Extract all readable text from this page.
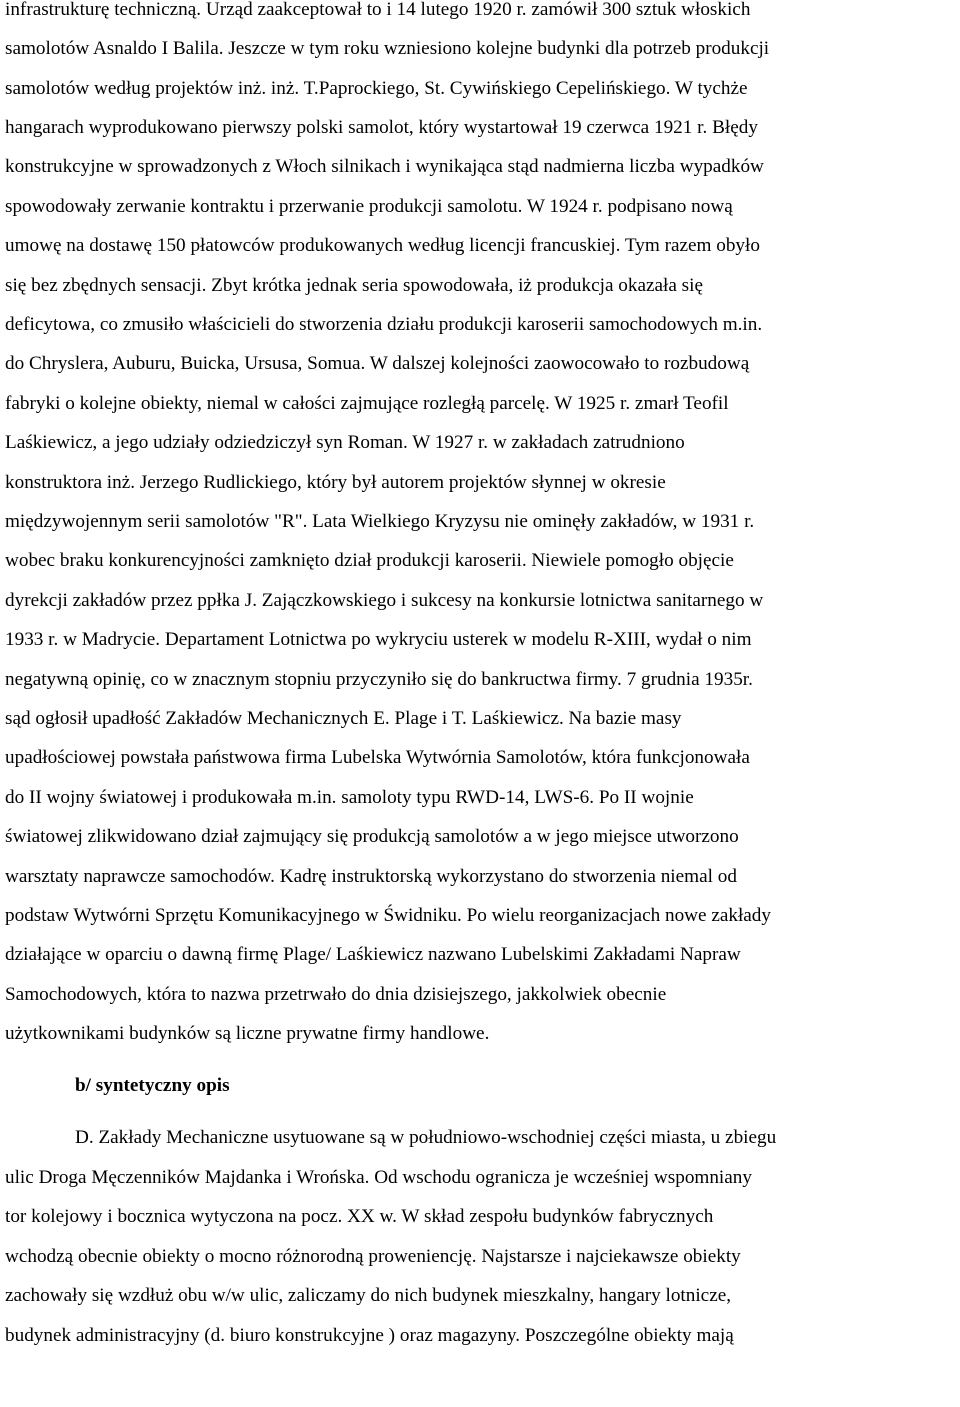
infrastrukturę techniczną. Urząd zaakceptował to i 14 lutego 1920 r. zamówił 300 sztuk włoskich
samolotów Asnaldo I Balila. Jeszcze w tym roku wzniesiono kolejne budynki dla potrzeb produkcji
samolotów według projektów inż. inż. T.Paprockiego, St. Cywińskiego Cepelińskiego. W tychże
hangarach wyprodukowano pierwszy polski samolot, który wystartował 19 czerwca 1921 r. Błędy
konstrukcyjne w sprowadzonych z Włoch silnikach i wynikająca stąd nadmierna liczba wypadków
spowodowały zerwanie kontraktu i przerwanie produkcji samolotu. W 1924 r. podpisano nową
umowę na dostawę 150 płatowców produkowanych według licencji francuskiej. Tym razem obyło
się bez zbędnych sensacji. Zbyt krótka jednak seria spowodowała, iż produkcja okazała się
deficytowa, co zmusiło właścicieli do stworzenia działu produkcji karoserii samochodowych m.in.
do Chryslera, Auburu, Buicka, Ursusa, Somua. W dalszej kolejności zaowocowało to rozbudową
fabryki o kolejne obiekty, niemal w całości zajmujące rozległą parcelę. W 1925 r. zmarł Teofil
Laśkiewicz, a jego udziały odziedziczył syn Roman. W 1927 r. w zakładach zatrudniono
konstruktora inż. Jerzego Rudlickiego, który był autorem projektów słynnej w okresie
międzywojennym serii samolotów "R". Lata Wielkiego Kryzysu nie ominęły zakładów, w 1931 r.
wobec braku konkurencyjności zamknięto dział produkcji karoserii. Niewiele pomogło objęcie
dyrekcji zakładów przez ppłka J. Zajączkowskiego i sukcesy na konkursie lotnictwa sanitarnego w
1933 r. w Madrycie. Departament Lotnictwa po wykryciu usterek w modelu R-XIII, wydał o nim
negatywną opinię, co w znacznym stopniu przyczyniło się do bankructwa firmy. 7 grudnia 1935r.
sąd ogłosił upadłość Zakładów Mechanicznych E. Plage i T. Laśkiewicz. Na bazie masy
upadłościowej powstała państwowa firma Lubelska Wytwórnia Samolotów, która funkcjonowała
do II wojny światowej i produkowała m.in. samoloty typu RWD-14, LWS-6. Po II wojnie
światowej zlikwidowano dział zajmujący się produkcją samolotów a w jego miejsce utworzono
warsztaty naprawcze samochodów. Kadrę instruktorską wykorzystano do stworzenia niemal od
podstaw Wytwórni Sprzętu Komunikacyjnego w Świdniku. Po wielu reorganizacjach nowe zakłady
działające w oparciu o dawną firmę Plage/ Laśkiewicz nazwano Lubelskimi Zakładami Napraw
Samochodowych, która to nazwa przetrwało do dnia dzisiejszego, jakkolwiek obecnie
użytkownikami budynków są liczne prywatne firmy handlowe.
b/ syntetyczny opis
D. Zakłady Mechaniczne usytuowane są w południowo-wschodniej części miasta, u zbiegu
ulic Droga Męczenników Majdanka i Wrońska. Od wschodu ogranicza je wcześniej wspomniany
tor kolejowy i bocznica wytyczona na pocz. XX w. W skład zespołu budynków fabrycznych
wchodzą obecnie obiekty o mocno różnorodną proweniencję. Najstarsze i najciekawsze obiekty
zachowały się wzdłuż obu w/w ulic, zaliczamy do nich budynek mieszkalny, hangary lotnicze,
budynek administracyjny (d. biuro konstrukcyjne ) oraz magazyny. Poszczególne obiekty mają
